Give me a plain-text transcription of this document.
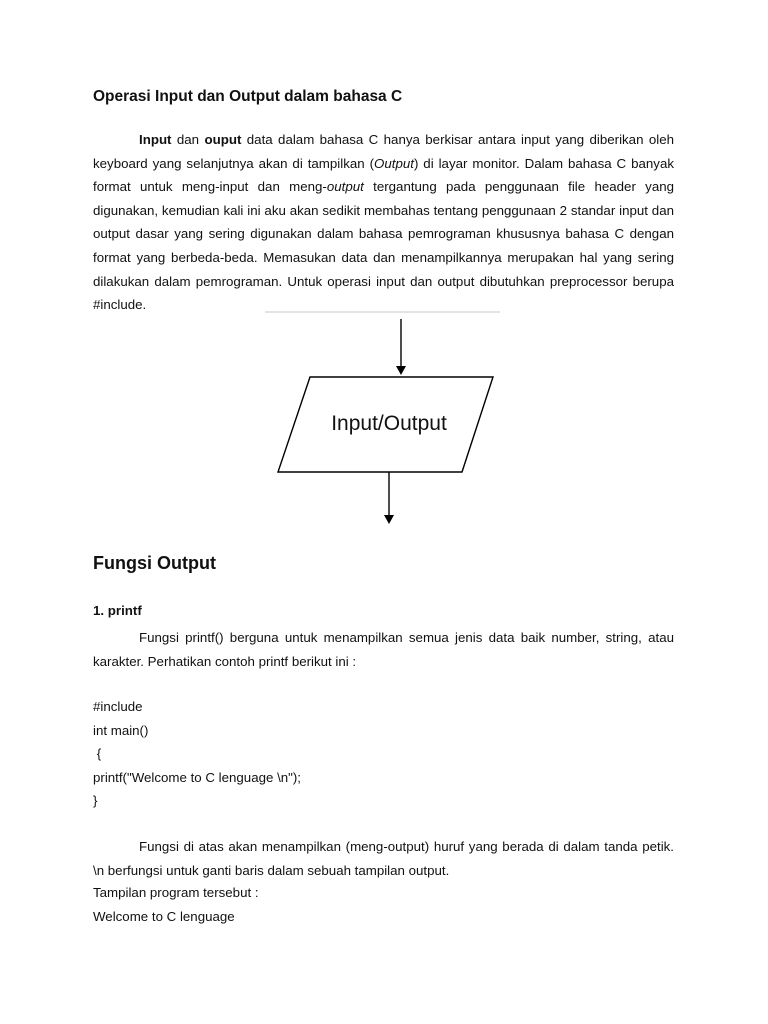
Operasi Input dan Output dalam bahasa C
Input dan ouput data dalam bahasa C hanya berkisar antara input yang diberikan oleh keyboard yang selanjutnya akan di tampilkan (Output) di layar monitor. Dalam bahasa C banyak format untuk meng-input dan meng-output tergantung pada penggunaan file header yang digunakan, kemudian kali ini aku akan sedikit membahas tentang penggunaan 2 standar input dan output dasar yang sering digunakan dalam bahasa pemrograman khususnya bahasa C dengan format yang berbeda-beda. Memasukan data dan menampilkannya merupakan hal yang sering dilakukan dalam pemrograman. Untuk operasi input dan output dibutuhkan preprocessor berupa #include.
Input/Output
Fungsi Output
1. printf
Fungsi printf() berguna untuk menampilkan semua jenis data baik number, string, atau karakter. Perhatikan contoh printf berikut ini :
#include
int main()
{
printf("Welcome to C lenguage \n");
}
Fungsi di atas akan menampilkan (meng-output) huruf yang berada di dalam tanda petik. \n berfungsi untuk ganti baris dalam sebuah tampilan output.
Tampilan program tersebut :
Welcome to C lenguage
